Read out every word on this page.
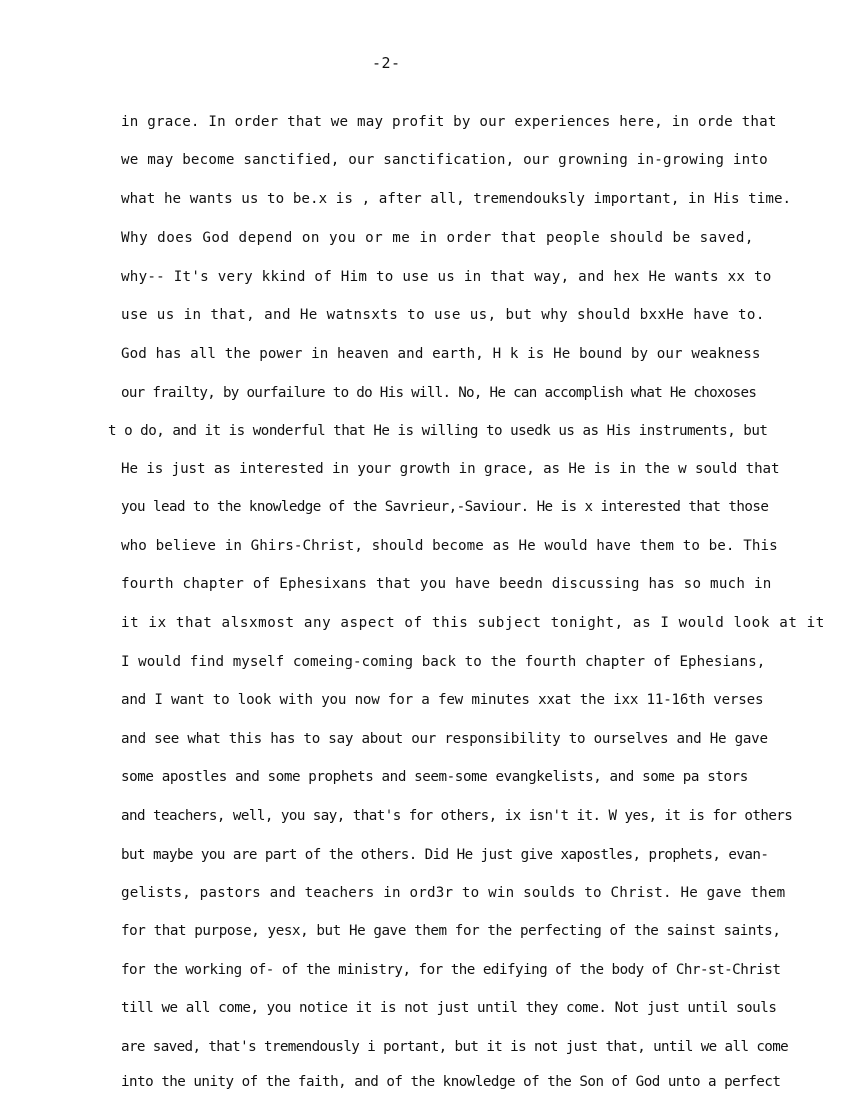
-2-
in grace. In order that we may profit by our experiences here, in orde that
we may become sanctified, our sanctification, our growning in-growing into
what he wants us to be.x is , after all, tremendouksly important, in His time.
Why does God depend on you or me in order that people should be saved,
why-- It's very kkind of Him to use us in that way, and hex He wants xx to
use us in that, and He watnsxts to use us, but why should bxxHe have to.
God has all the power in heaven and earth, H k is He bound by our weakness
our frailty, by ourfailure to do His will. No, He can accomplish what He choxoses
t o do, and it is wonderful that He is willing to usedk us as His instruments, but
He is just as interested in your growth in grace, as He is in the w sould that
you lead to the knowledge of the Savrieur,-Saviour. He is x interested that those
who believe in Ghirs-Christ, should become as He would have them to be. This
fourth chapter of Ephesixans that you have beedn discussing has so much in
it ix that alsxmost any aspect of this subject tonight, as I would look at it
I would find myself comeing-coming back to the fourth chapter of Ephesians,
and I want to look with you now for a few minutes xxat the ixx 11-16th verses
and see what this has to say about our responsibility to ourselves and He gave
some apostles and some prophets and seem-some evangkelists, and some pa stors
and teachers, well, you say, that's for others, ix isn't it. W yes, it is for others
but maybe you are part of the others. Did He just give xapostles, prophets, evan-
gelists, pastors and teachers in ord3r to win soulds to Christ. He gave them
for that purpose, yesx, but He gave them for the perfecting of the sainst saints,
for the working of- of the ministry, for the edifying of the body of Chr-st-Christ
till we all come, you notice it is not just until they come. Not just until souls
are saved, that's tremendously i portant, but it is not just that, until we all come
into the unity of the faith, and of the knowledge of the Son of God unto a perfect
